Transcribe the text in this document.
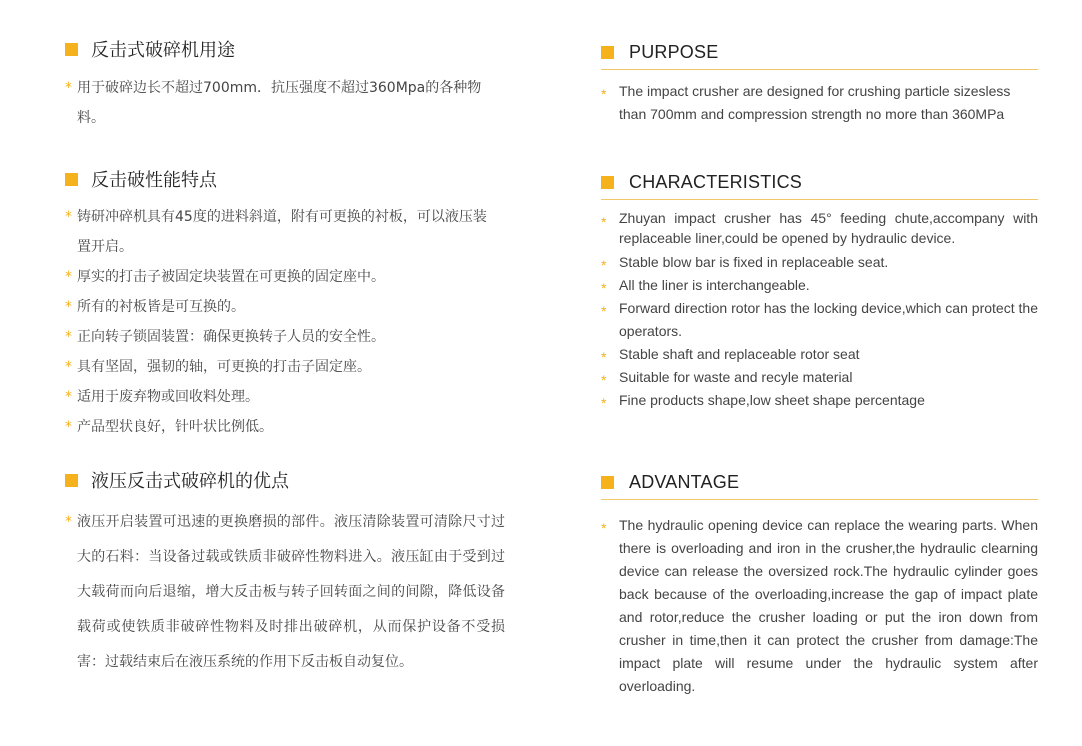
反击式破碎机用途
* 用于破碎边长不超过700mm．抗压强度不超过360Mpa的各种物料。
反击破性能特点
* 铸研冲碎机具有45度的进料斜道，附有可更换的衬板，可以液压装置开启。
* 厚实的打击子被固定块装置在可更换的固定座中。
* 所有的衬板皆是可互换的。
* 正向转子锁固装置：确保更换转子人员的安全性。
* 具有坚固，强韧的轴，可更换的打击子固定座。
* 适用于废弃物或回收料处理。
* 产品型状良好，针叶状比例低。
液压反击式破碎机的优点
* 液压开启装置可迅速的更换磨损的部件。液压清除装置可清除尺寸过大的石料：当设备过载或铁质非破碎性物料进入。液压缸由于受到过大载荷而向后退缩，增大反击板与转子回转面之间的间隙，降低设备载荷或使铁质非破碎性物料及时排出破碎机，从而保护设备不受损害：过载结束后在液压系统的作用下反击板自动复位。
PURPOSE
* The impact crusher are designed for crushing particle sizesless than 700mm and compression strength no more than 360MPa
CHARACTERISTICS
* Zhuyan impact crusher has 45° feeding chute,accompany with replaceable liner,could be opened by hydraulic device.
* Stable blow bar is fixed in replaceable seat.
* All the liner is interchangeable.
* Forward direction rotor has the locking device,which can protect the operators.
* Stable shaft and replaceable rotor seat
* Suitable for waste and recyle material
* Fine products shape,low sheet shape percentage
ADVANTAGE
* The hydraulic opening device can replace the wearing parts. When there is overloading and iron in the crusher,the hydraulic clearning device can release the oversized rock.The hydraulic cylinder goes back because of the overloading,increase the gap of impact plate and rotor,reduce the crusher loading or put the iron down from crusher in time,then it can protect the crusher from damage:The impact plate will resume under the hydraulic system after overloading.
